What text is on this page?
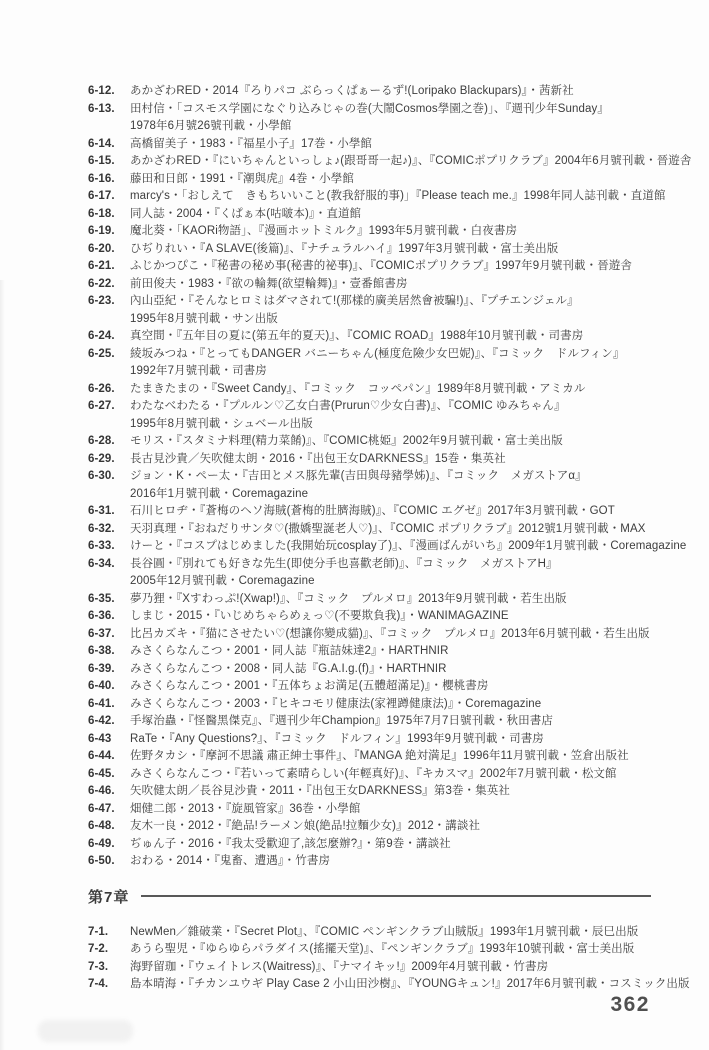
6-12.	あかざわRED・2014『ろりパコ ぶらっくぱぁーるず!(Loripako Blackupars)』・茜新社
6-13.	田村信・「コスモス学園になぐり込みじゃの巻(大鬧Cosmos學園之巻)」、『週刊少年Sunday』
1978年6月號26號刊載・小學館
6-14.	高橋留美子・1983・『福星小子』17巻・小學館
6-15.	あかざわRED・『にいちゃんといっしょ♪(跟哥哥一起♪)』、『COMICポプリクラブ』2004年6月號刊載・晉遊舎
6-16.	藤田和日郎・1991・『潮與虎』4巻・小學館
6-17.	marcy's・「おしえて　きもちいいこと(教我舒服的事)」『Please teach me.』1998年同人誌刊載・直道館
6-18.	同人誌・2004・『くぱぁ本(咕啵本)』・直道館
6-19.	魔北葵・「KAORi物語」、『漫画ホットミルク』1993年5月號刊載・白夜書房
6-20.	ひぢりれい・『A SLAVE(後篇)』、『ナチュラルハイ』1997年3月號刊載・富士美出版
6-21.	ふじかつぴこ・『秘書の秘め事(秘書的祕事)』、『COMICポプリクラブ』1997年9月號刊載・晉遊舎
6-22.	前田俊夫・1983・『欲の輪舞(欲望輪舞)』・壹番館書房
6-23.	內山亞紀・『そんなヒロミはダマされて!(那樣的廣美居然會被騙!)』、『プチエンジェル』
1995年8月號刊載・サン出版
6-24.	真空間・『五年目の夏に(第五年的夏天)』、『COMIC ROAD』1988年10月號刊載・司書房
6-25.	綾坂みつね・『とってもDANGER バニーちゃん(極度危險少女巴妮)』、『コミック　ドルフィン』
1992年7月號刊載・司書房
6-26.	たまきたまの・『Sweet Candy』、『コミック　コッペパン』1989年8月號刊載・アミカル
6-27.	わたなべわたる・『プルルン♡乙女白書(Prurun♡少女白書)』、『COMIC ゆみちゃん』
1995年8月號刊載・シュベール出版
6-28.	モリス・『スタミナ料理(精力菜餚)』、『COMIC桃姫』2002年9月號刊載・富士美出版
6-29.	長古見沙貴／矢吹健太朗・2016・『出包王女DARKNESS』15巻・集英社
6-30.	ジョン・K・ペー太・『吉田とメス豚先輩(吉田與母豬學姊)』、『コミック　メガストアα』
2016年1月號刊載・Coremagazine
6-31.	石川ヒロヂ・『蒼梅のヘソ海賊(蒼梅的肚臍海賊)』、『COMIC エグゼ』2017年3月號刊載・GOT
6-32.	天羽真理・『おねだりサンタ♡(撒嬌聖誕老人♡)』、『COMIC ポプリクラブ』2012號1月號刊載・MAX
6-33.	けーと・『コスプはじめました(我開始玩cosplay了)』、『漫画ばんがいち』2009年1月號刊載・Coremagazine
6-34.	長谷圓・『別れても好きな先生(即使分手也喜歡老師)』、『コミック　メガストアH』
2005年12月號刊載・Coremagazine
6-35.	夢乃狸・『Xすわっぷ!(Xwap!)』、『コミック　プルメロ』2013年9月號刊載・若生出版
6-36.	しまじ・2015・『いじめちゃらめぇっ♡(不要欺負我)』・WANIMAGAZINE
6-37.	比呂カズキ・『猫にさせたい♡(想讓你變成貓)』、『コミック　プルメロ』2013年6月號刊載・若生出版
6-38.	みさくらなんこつ・2001・同人誌『瓶詰妹達2』・HARTHNIR
6-39.	みさくらなんこつ・2008・同人誌『G.A.I.g.(f)』・HARTHNIR
6-40.	みさくらなんこつ・2001・『五体ちょお満足(五體超滿足)』・櫻桃書房
6-41.	みさくらなんこつ・2003・『ヒキコモリ健康法(家裡蹲健康法)』・Coremagazine
6-42.	手塚治蟲・『怪醫黑傑克』、『週刊少年Champion』1975年7月7日號刊載・秋田書店
6-43	RaTe・『Any Questions?』、『コミック　ドルフィン』1993年9月號刊載・司書房
6-44.	佐野タカシ・『摩訶不思議 肅正紳士事件』、『MANGA 絶対満足』1996年11月號刊載・笠倉出版社
6-45.	みさくらなんこつ・『若いって素晴らしい(年輕真好)』、『キカスマ』2002年7月號刊載・松文館
6-46.	矢吹健太朗／長谷見沙貴・2011・『出包王女DARKNESS』第3巻・集英社
6-47.	畑健二郎・2013・『旋風管家』36巻・小學館
6-48.	友木一良・2012・『絶品!ラーメン娘(絶品!拉麵少女)』2012・講談社
6-49.	ぢゅん子・2016・『我太受歡迎了,該怎麼辦?』・第9巻・講談社
6-50.	おわる・2014・『鬼畜、遭遇』・竹書房
第7章
7-1.	NewMen／雜破業・『Secret Plot』、『COMIC ペンギンクラブ山賊版』1993年1月號刊載・辰巳出版
7-2.	あうら聖児・『ゆらゆらパラダイス(搖擺天堂)』、『ペンギンクラブ』1993年10號刊載・富士美出版
7-3.	海野留珈・『ウェイトレス(Waitress)』、『ナマイキッ!』2009年4月號刊載・竹書房
7-4.	島本晴海・『チカンユウギ Play Case 2 小山田沙樹』、『YOUNGキュン!』2017年6月號刊載・コスミック出版
362
